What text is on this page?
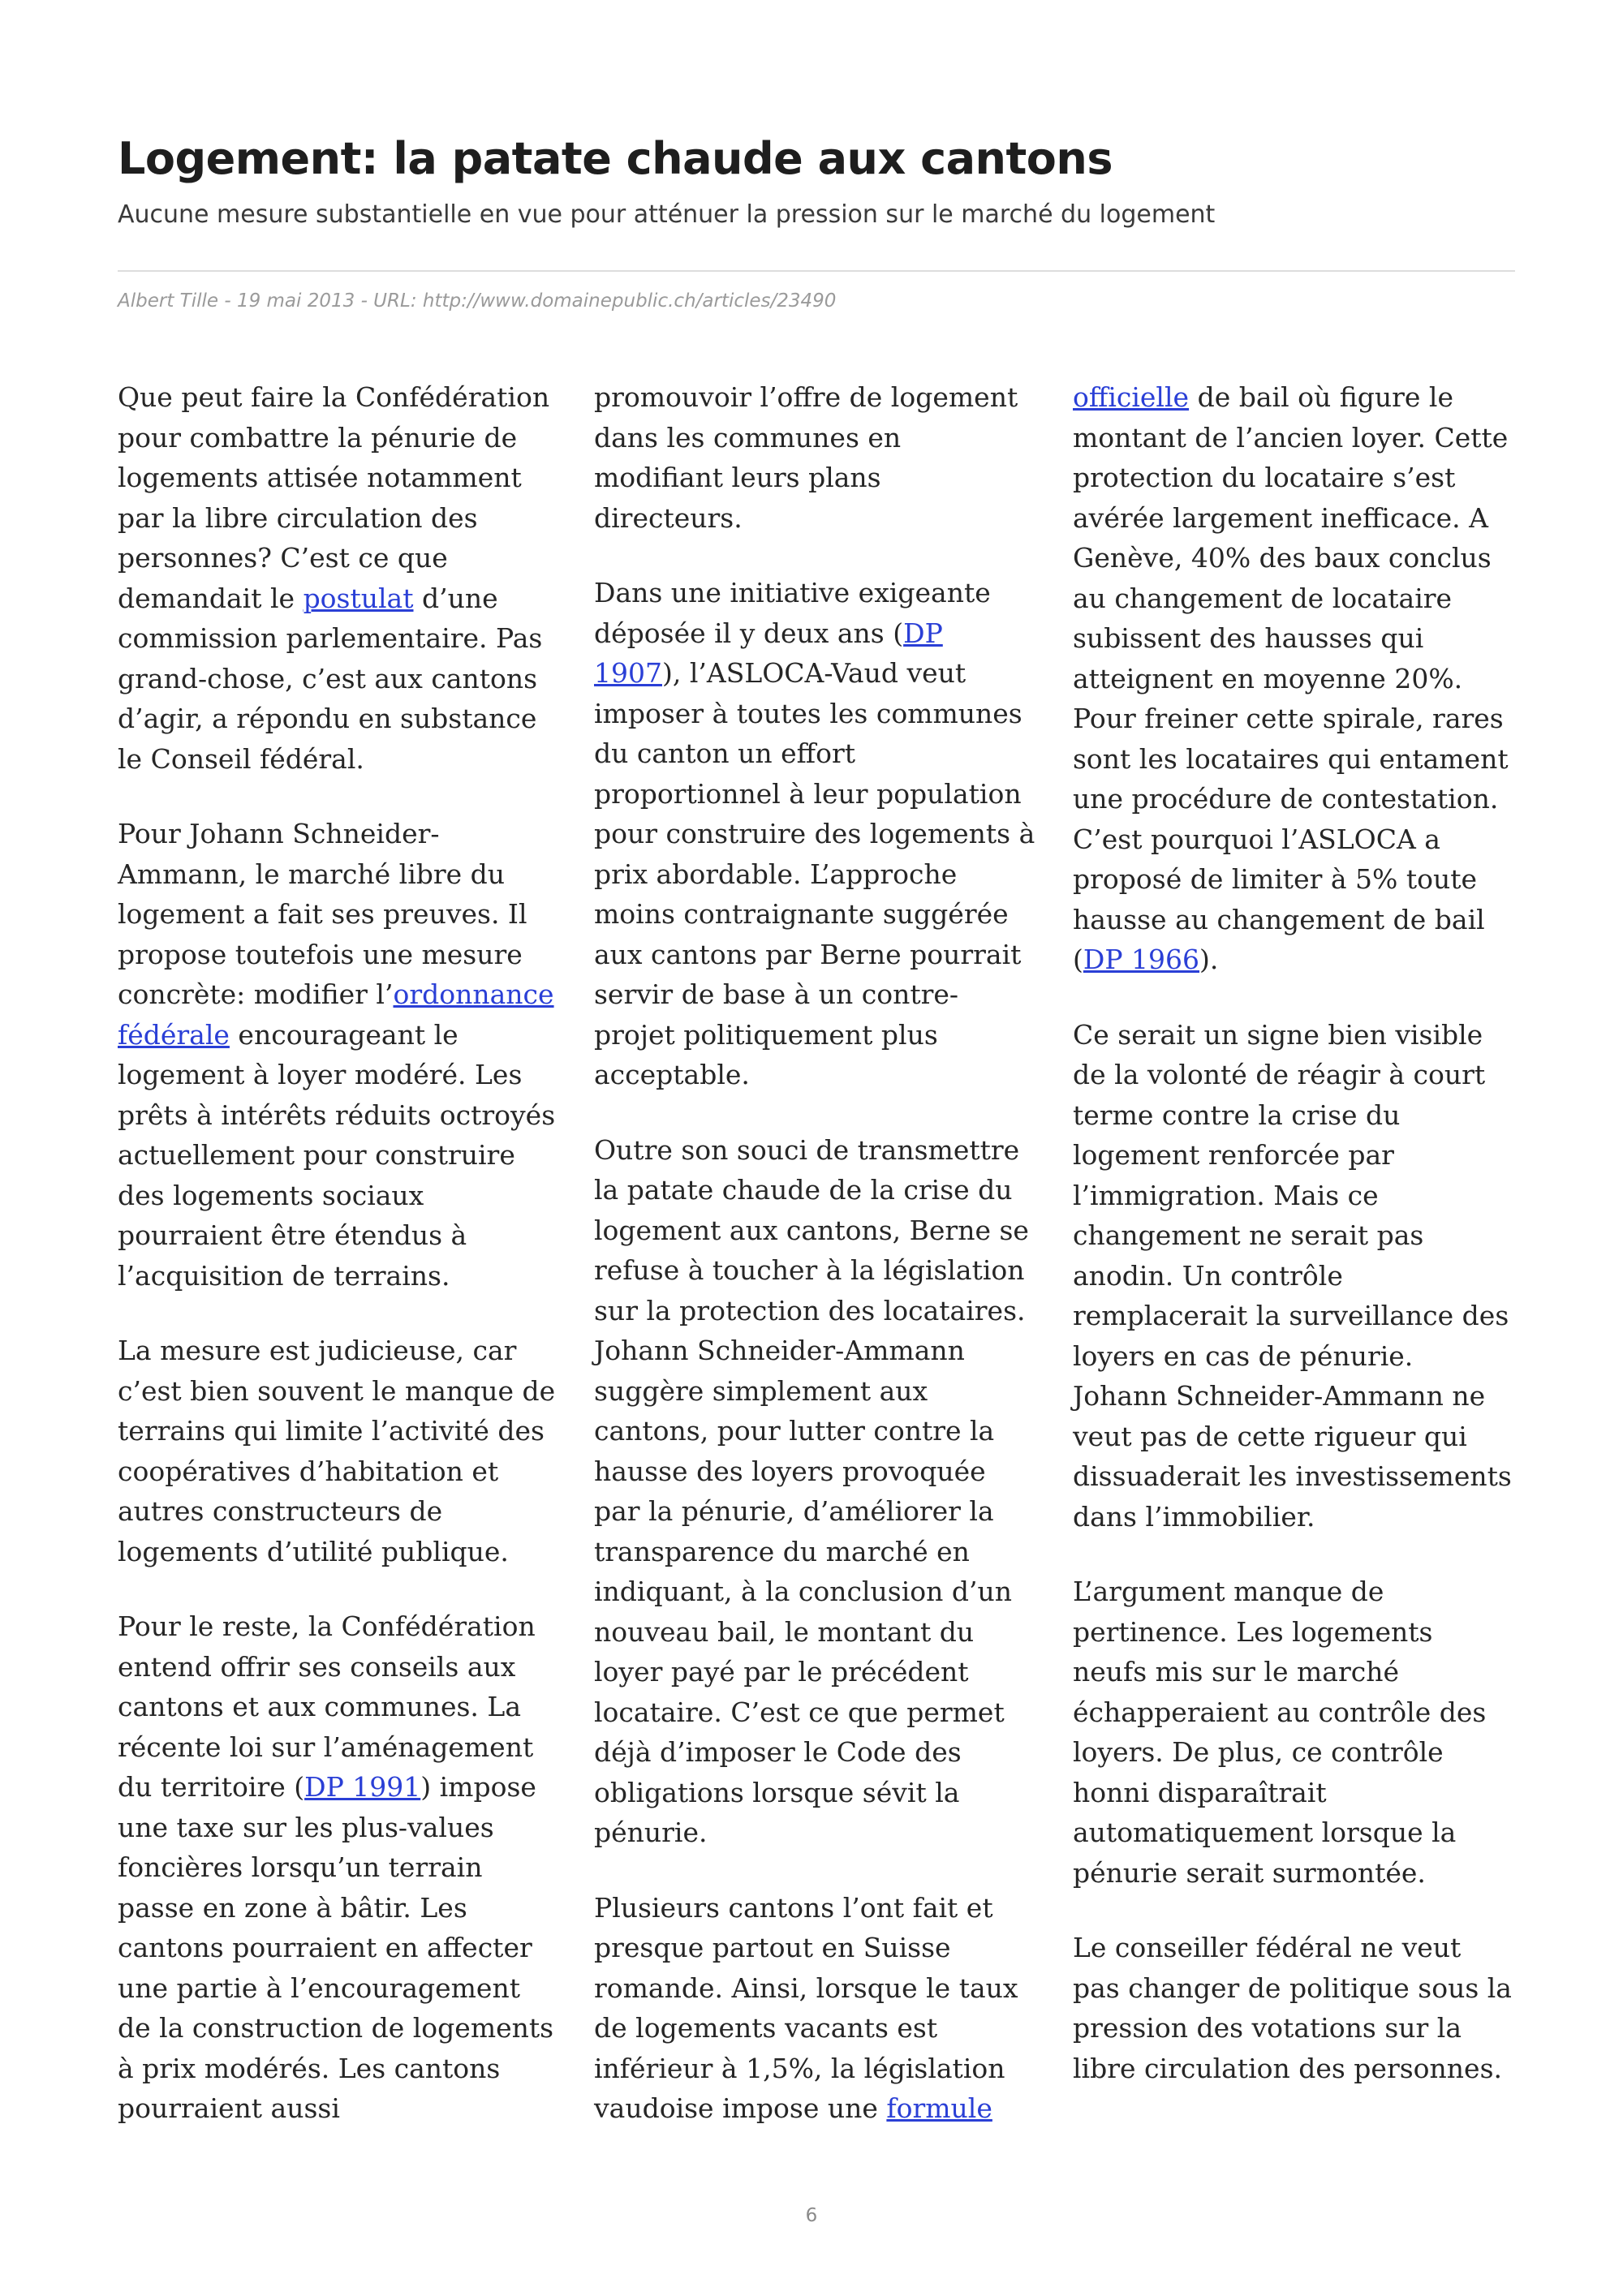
Logement: la patate chaude aux cantons
Aucune mesure substantielle en vue pour atténuer la pression sur le marché du logement
Albert Tille - 19 mai 2013 - URL: http://www.domainepublic.ch/articles/23490

Que peut faire la Confédération pour combattre la pénurie de logements attisée notamment par la libre circulation des personnes? C’est ce que demandait le postulat d’une commission parlementaire. Pas grand-chose, c’est aux cantons d’agir, a répondu en substance le Conseil fédéral.

Pour Johann Schneider-Ammann, le marché libre du logement a fait ses preuves. Il propose toutefois une mesure concrète: modifier l’ordonnance fédérale encourageant le logement à loyer modéré. Les prêts à intérêts réduits octroyés actuellement pour construire des logements sociaux pourraient être étendus à l’acquisition de terrains.

La mesure est judicieuse, car c’est bien souvent le manque de terrains qui limite l’activité des coopératives d’habitation et autres constructeurs de logements d’utilité publique.

Pour le reste, la Confédération entend offrir ses conseils aux cantons et aux communes. La récente loi sur l’aménagement du territoire (DP 1991) impose une taxe sur les plus-values foncières lorsqu’un terrain passe en zone à bâtir. Les cantons pourraient en affecter une partie à l’encouragement de la construction de logements à prix modérés. Les cantons pourraient aussi

promouvoir l’offre de logement dans les communes en modifiant leurs plans directeurs.

Dans une initiative exigeante déposée il y deux ans (DP 1907), l’ASLOCA-Vaud veut imposer à toutes les communes du canton un effort proportionnel à leur population pour construire des logements à prix abordable. L’approche moins contraignante suggérée aux cantons par Berne pourrait servir de base à un contre-projet politiquement plus acceptable.

Outre son souci de transmettre la patate chaude de la crise du logement aux cantons, Berne se refuse à toucher à la législation sur la protection des locataires. Johann Schneider-Ammann suggère simplement aux cantons, pour lutter contre la hausse des loyers provoquée par la pénurie, d’améliorer la transparence du marché en indiquant, à la conclusion d’un nouveau bail, le montant du loyer payé par le précédent locataire. C’est ce que permet déjà d’imposer le Code des obligations lorsque sévit la pénurie.

Plusieurs cantons l’ont fait et presque partout en Suisse romande. Ainsi, lorsque le taux de logements vacants est inférieur à 1,5%, la législation vaudoise impose une formule

officielle de bail où figure le montant de l’ancien loyer. Cette protection du locataire s’est avérée largement inefficace. A Genève, 40% des baux conclus au changement de locataire subissent des hausses qui atteignent en moyenne 20%. Pour freiner cette spirale, rares sont les locataires qui entament une procédure de contestation. C’est pourquoi l’ASLOCA a proposé de limiter à 5% toute hausse au changement de bail (DP 1966).

Ce serait un signe bien visible de la volonté de réagir à court terme contre la crise du logement renforcée par l’immigration. Mais ce changement ne serait pas anodin. Un contrôle remplacerait la surveillance des loyers en cas de pénurie. Johann Schneider-Ammann ne veut pas de cette rigueur qui dissuaderait les investissements dans l’immobilier.

L’argument manque de pertinence. Les logements neufs mis sur le marché échapperaient au contrôle des loyers. De plus, ce contrôle honni disparaîtrait automatiquement lorsque la pénurie serait surmontée.

Le conseiller fédéral ne veut pas changer de politique sous la pression des votations sur la libre circulation des personnes.

6
